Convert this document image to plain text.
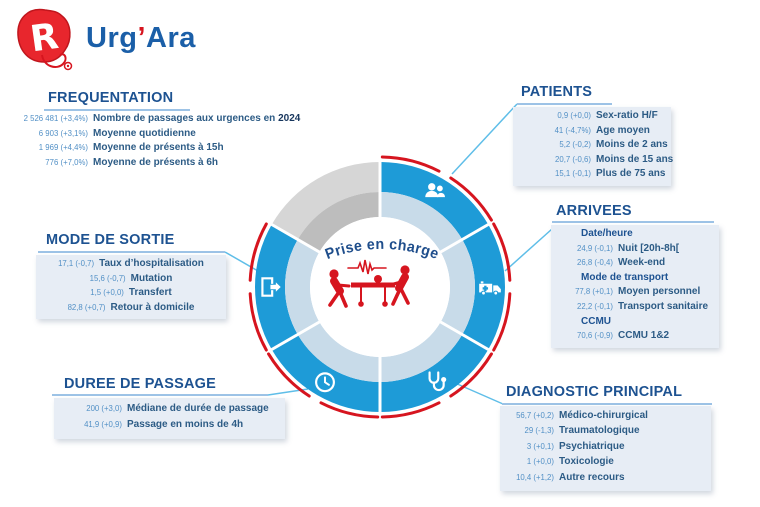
R Urg’Ara
FREQUENTATION
2 526 481 (+3,4%) Nombre de passages aux urgences en 2024
6 903 (+3,1%) Moyenne quotidienne
1 969 (+4,4%) Moyenne de présents à 15h
776 (+7,0%) Moyenne de présents à 6h
PATIENTS
0,9 (+0,0) Sex-ratio H/F
41 (-4,7%) Age moyen
5,2 (-0,2) Moins de 2 ans
20,7 (-0,6) Moins de 15 ans
15,1 (-0,1) Plus de 75 ans
ARRIVEES
Date/heure
24,9 (-0,1) Nuit [20h-8h[
26,8 (-0,4) Week-end
Mode de transport
77,8 (+0,1) Moyen personnel
22,2 (-0,1) Transport sanitaire
CCMU
70,6 (-0,9) CCMU 1&2
MODE DE SORTIE
17,1 (-0,7) Taux d’hospitalisation
15,6 (-0,7) Mutation
1,5 (+0,0) Transfert
82,8 (+0,7) Retour à domicile
DUREE DE PASSAGE
200 (+3,0) Médiane de durée de passage
41,9 (+0,9) Passage en moins de 4h
DIAGNOSTIC PRINCIPAL
56,7 (+0,2) Médico-chirurgical
29 (-1,3) Traumatologique
3 (+0,1) Psychiatrique
1 (+0,0) Toxicologie
10,4 (+1,2) Autre recours
Prise en charge
